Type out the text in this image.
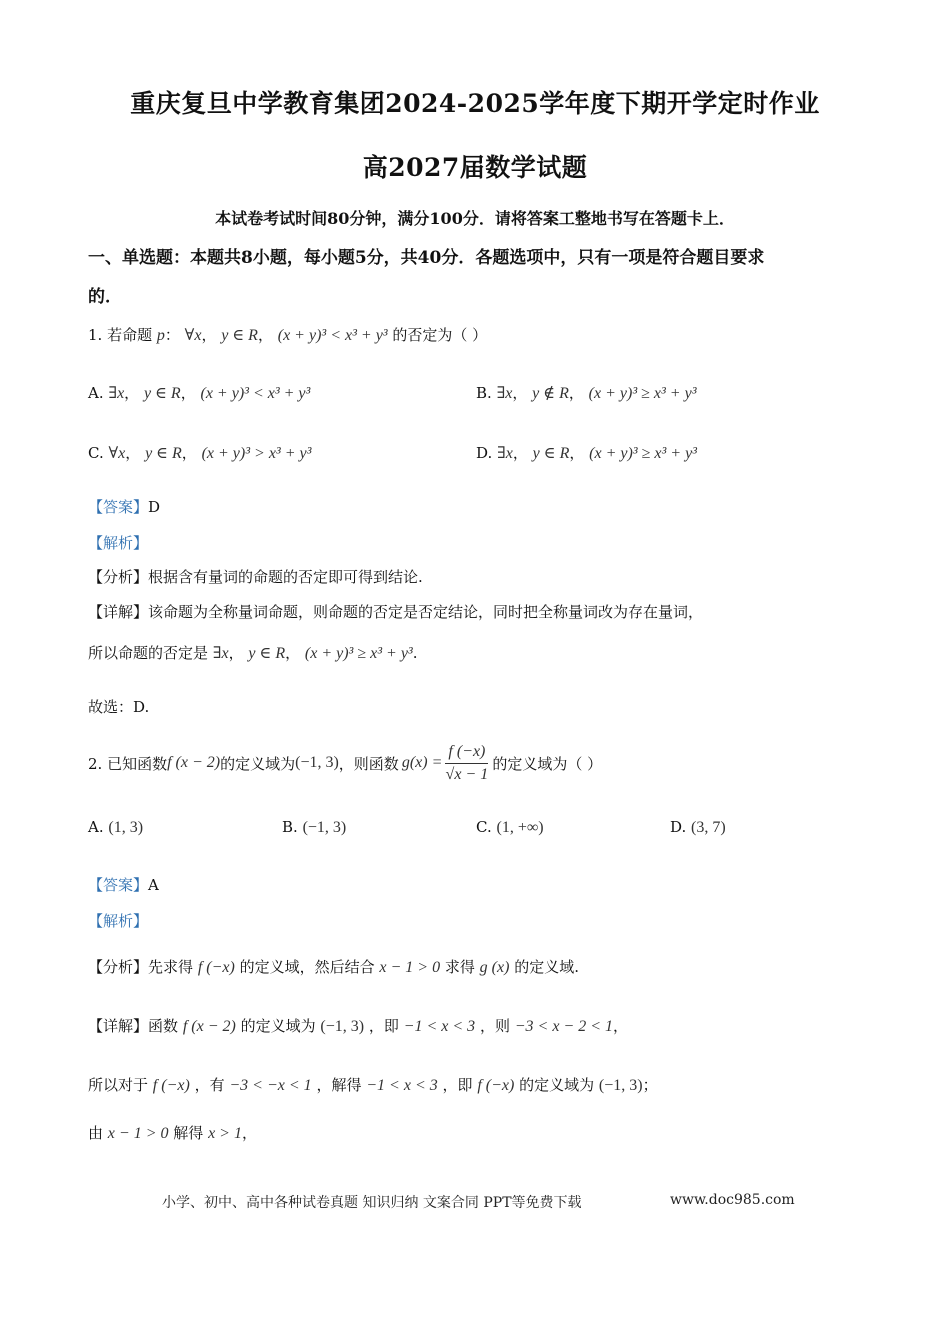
重庆复旦中学教育集团2024-2025学年度下期开学定时作业
高2027届数学试题
本试卷考试时间80分钟，满分100分．请将答案工整地书写在答题卡上．
一、单选题：本题共8小题，每小题5分，共40分．各题选项中，只有一项是符合题目要求
的．
1. 若命题 p： ∀x， y ∈ R， (x + y)³ < x³ + y³ 的否定为（ ）
A. ∃x， y ∈ R， (x + y)³ < x³ + y³	B. ∃x， y ∉ R， (x + y)³ ≥ x³ + y³
C. ∀x， y ∈ R， (x + y)³ > x³ + y³	D. ∃x， y ∈ R， (x + y)³ ≥ x³ + y³
【答案】D
【解析】
【分析】根据含有量词的命题的否定即可得到结论.
【详解】该命题为全称量词命题，则命题的否定是否定结论，同时把全称量词改为存在量词，
所以命题的否定是 ∃x， y ∈ R， (x + y)³ ≥ x³ + y³.
故选：D.
2. 已知函数 f (x − 2) 的定义域为 (−1, 3) ，则函数 $g(x) = \frac{f (-x)}{√x - 1}$ 的定义域为（ ）
A. (1, 3)	B. (−1, 3)	C. (1, +∞)	D. (3, 7)
【答案】A
【解析】
【分析】先求得 f (−x) 的定义域，然后结合 x − 1 > 0 求得 g (x) 的定义域.
【详解】函数 f (x − 2) 的定义域为 (−1, 3) ，即 −1 < x < 3 ，则 −3 < x − 2 < 1，
所以对于 f (−x) ，有 −3 < −x < 1 ，解得 −1 < x < 3 ，即 f (−x) 的定义域为 (−1, 3)；
由 x − 1 > 0 解得 x > 1，
小学、初中、高中各种试卷真题 知识归纳 文案合同 PPT等免费下载	www.doc985.com
